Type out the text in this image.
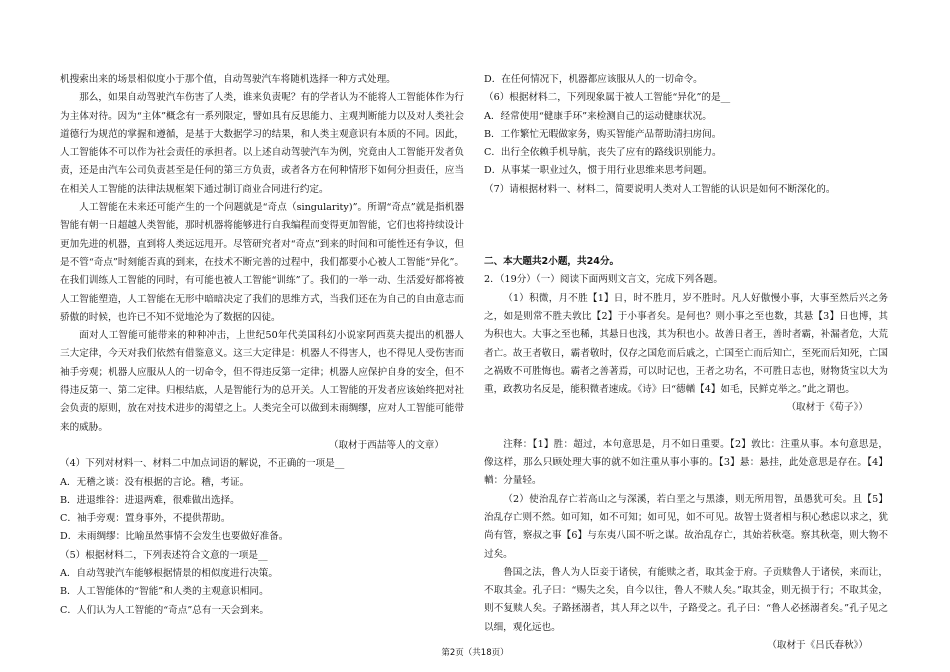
机搜索出来的场景相似度小于那个值，自动驾驶汽车将随机选择一种方式处理。

那么，如果自动驾驶汽车伤害了人类，谁来负责呢？有的学者认为不能将人工智能体作为行为主体对待。因为“主体”概念有一系列限定，譬如具有反思能力、主观判断能力以及对人类社会道德行为规范的掌握和遵循，是基于大数据学习的结果，和人类主观意识有本质的不同。因此，人工智能体不可以作为社会责任的承担者。以上述自动驾驶汽车为例，究竟由人工智能开发者负责，还是由汽车公司负责甚至是任何的第三方负责，或者各方在何种情形下如何分担责任，应当在相关人工智能的法律法规框架下通过制订商业合同进行约定。

人工智能在未来还可能产生的一个问题就是“奇点（singularity)”。所谓“奇点”就是指机器智能有朝一日超越人类智能，那时机器将能够进行自我编程而变得更加智能，它们也将持续设计更加先进的机器，直到将人类远远甩开。尽管研究者对“奇点”到来的时间和可能性还有争议，但是不管“奇点”时刻能否真的到来，在技术不断完善的过程中，我们都要小心被人工智能“异化”。在我们训练人工智能的同时，有可能也被人工智能“训练”了。我们的一举一动、生活爱好都将被人工智能塑造，人工智能在无形中暗暗决定了我们的思维方式，当我们还在为自己的自由意志而骄傲的时候，也许已不知不觉地沦为了数据的囚徒。

面对人工智能可能带来的种种冲击，上世纪50年代美国科幻小说家阿西莫夫提出的机器人三大定律，今天对我们依然有借鉴意义。这三大定律是：机器人不得害人，也不得见人受伤害而袖手旁观；机器人应服从人的一切命令，但不得违反第一定律；机器人应保护自身的安全，但不得违反第一、第二定律。归根结底，人是智能行为的总开关。人工智能的开发者应该始终把对社会负责的原则，放在对技术进步的渴望之上。人类完全可以做到未雨绸缪，应对人工智能可能带来的威胁。

（取材于西喆等人的文章）

（4）下列对材料一、材料二中加点词语的解说，不正确的一项是__

A．无稽之谈：没有根据的言论。稽，考证。

B．进退维谷：进退两难，很难做出选择。

C．袖手旁观：置身事外，不提供帮助。

D．未雨绸缪：比喻虽然事情不会发生也要做好准备。

（5）根据材料二，下列表述符合文意的一项是__

A．自动驾驶汽车能够根据情景的相似度进行决策。

B．人工智能体的“智能”和人类的主观意识相同。

C．人们认为人工智能的“奇点”总有一天会到来。

D．在任何情况下，机器都应该服从人的一切命令。

（6）根据材料二，下列现象属于被人工智能“异化”的是__

A．经常使用“健康手环”来检测自己的运动健康状况。

B．工作繁忙无暇做家务，购买智能产品帮助清扫房间。

C．出行全依赖手机导航，丧失了应有的路线识别能力。

D．从事某一职业过久，惯于用行业思维来思考问题。

（7）请根据材料一、材料二，简要说明人类对人工智能的认识是如何不断深化的。

二、本大题共2小题，共24分。

2．（19分）（一）阅读下面两则文言文，完成下列各题。

（1）积微，月不胜【1】日，时不胜月，岁不胜时。凡人好傲慢小事，大事至然后兴之务之，如是则常不胜夫敦比【2】于小事者矣。是何也？则小事之至也数，其悬【3】日也博，其为积也大。大事之至也稀，其悬日也浅，其为积也小。故善日者王，善时者霸，补漏者危，大荒者亡。故王者敬日，霸者敬时，仅存之国危而后戚之，亡国至亡而后知亡，至死而后知死，亡国之祸败不可胜悔也。霸者之善著焉，可以时记也，王者之功名，不可胜日志也，财物货宝以大为重，政教功名反是，能积微者速成。《诗》曰“德輶【4】如毛，民鲜克举之。”此之谓也。

（取材于《荀子》）

注释：【1】胜：超过，本句意思是，月不如日重要。【2】敦比：注重从事。本句意思是，像这样，那么只顾处理大事的就不如注重从事小事的。【3】悬：悬挂，此处意思是存在。【4】輶：分量轻。

（2）使治乱存亡若高山之与深溪，若白垩之与黑漆，则无所用智，虽愚犹可矣。且【5】治乱存亡则不然。如可知，如不可知；如可见，如不可见。故智士贤者相与积心愁虑以求之，犹尚有管，察叔之事【6】与东夷八国不听之谋。故治乱存亡，其始若秋毫。察其秋毫，则大物不过矣。

鲁国之法，鲁人为人臣妾于诸侯，有能赎之者，取其金于府。子贡赎鲁人于诸侯，来而让，不取其金。孔子曰：“赐失之矣，自今以往，鲁人不赎人矣。”取其金，则无损于行；不取其金，则不复赎人矣。子路拯溺者，其人拜之以牛，子路受之。孔子曰：“鲁人必拯溺者矣。”孔子见之以细，观化远也。

（取材于《吕氏春秋》）

第2页（共18页）
